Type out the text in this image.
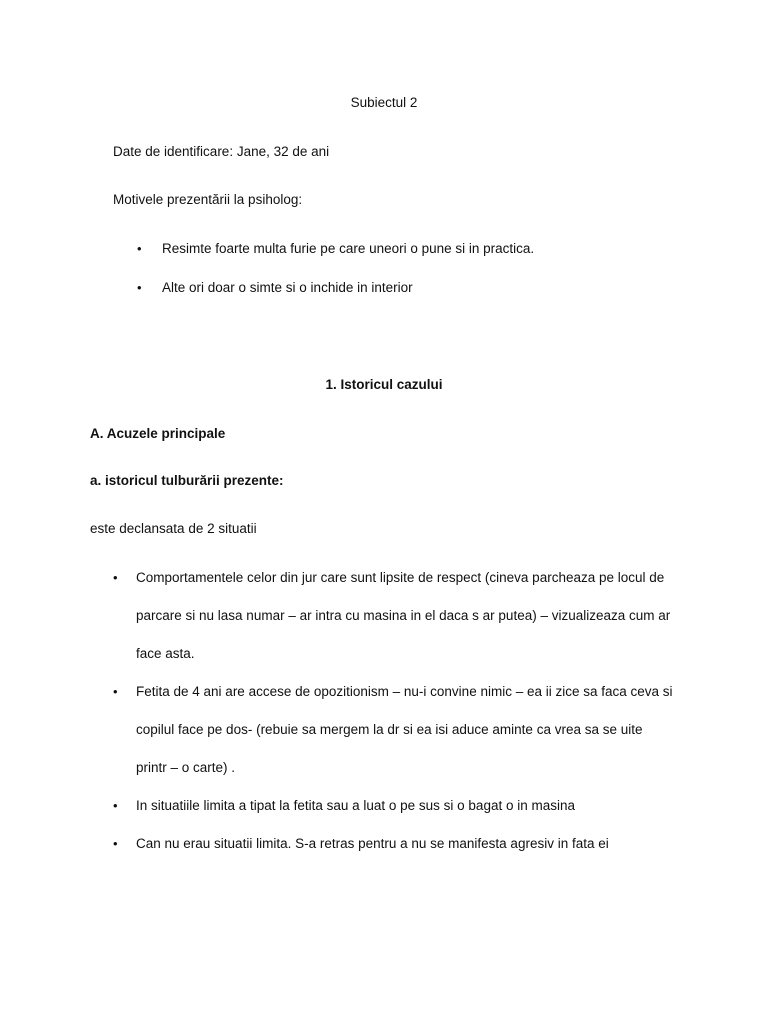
Subiectul 2
Date de identificare: Jane, 32 de ani
Motivele prezentării la psiholog:
• Resimte foarte multa furie pe care uneori o pune si in practica.
• Alte ori doar o simte si o inchide in interior
1. Istoricul cazului
A. Acuzele principale
a. istoricul tulburării prezente:
este declansata de 2 situatii
• Comportamentele celor din jur care sunt lipsite de respect (cineva parcheaza pe locul de
parcare si nu lasa numar – ar intra cu masina in el daca s ar putea) – vizualizeaza cum ar
face asta.
• Fetita de 4 ani are accese de opozitionism – nu-i convine nimic – ea ii zice sa faca ceva si
copilul face pe dos- (rebuie sa mergem la dr si ea isi aduce aminte ca vrea sa se uite
printr – o carte) .
• In situatiile limita a tipat la fetita sau a luat o pe sus si o bagat o in masina
• Can nu erau situatii limita. S-a retras pentru a nu se manifesta agresiv in fata ei
